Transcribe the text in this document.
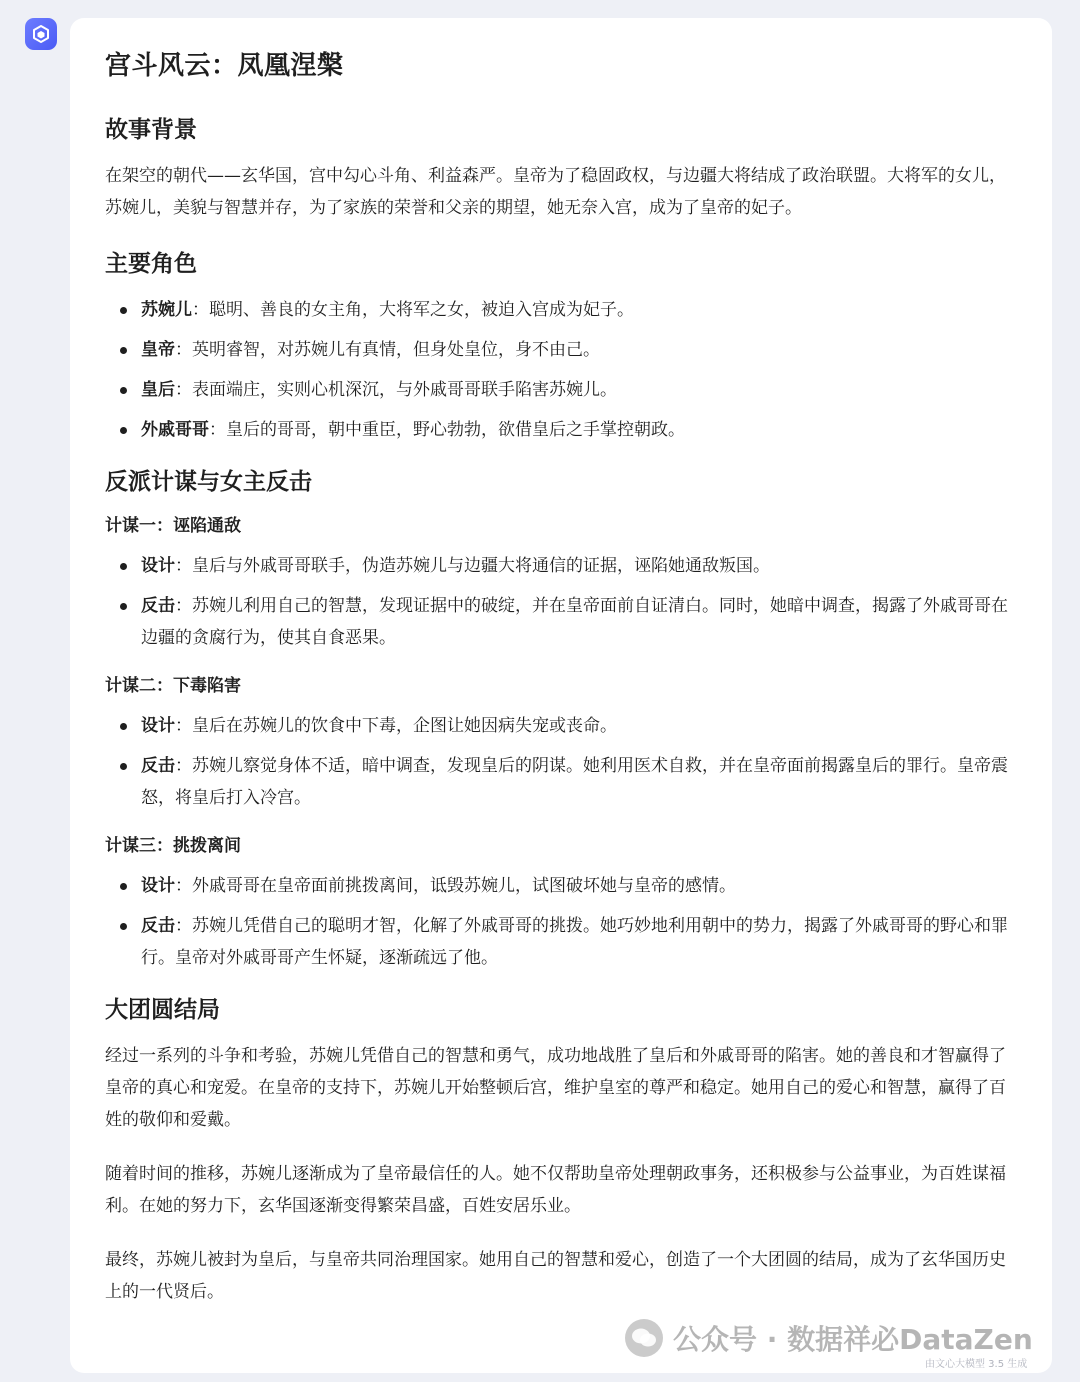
宫斗风云：凤凰涅槃
故事背景

在架空的朝代——玄华国，宫中勾心斗角、利益森严。皇帝为了稳固政权，与边疆大将结成了政治联盟。大将军的女儿，苏婉儿，美貌与智慧并存，为了家族的荣誉和父亲的期望，她无奈入宫，成为了皇帝的妃子。

主要角色
苏婉儿：聪明、善良的女主角，大将军之女，被迫入宫成为妃子。
皇帝：英明睿智，对苏婉儿有真情，但身处皇位，身不由己。
皇后：表面端庄，实则心机深沉，与外戚哥哥联手陷害苏婉儿。
外戚哥哥：皇后的哥哥，朝中重臣，野心勃勃，欲借皇后之手掌控朝政。
反派计谋与女主反击
计谋一：诬陷通敌
设计：皇后与外戚哥哥联手，伪造苏婉儿与边疆大将通信的证据，诬陷她通敌叛国。
反击：苏婉儿利用自己的智慧，发现证据中的破绽，并在皇帝面前自证清白。同时，她暗中调查，揭露了外戚哥哥在边疆的贪腐行为，使其自食恶果。
计谋二：下毒陷害
设计：皇后在苏婉儿的饮食中下毒，企图让她因病失宠或丧命。
反击：苏婉儿察觉身体不适，暗中调查，发现皇后的阴谋。她利用医术自救，并在皇帝面前揭露皇后的罪行。皇帝震怒，将皇后打入冷宫。
计谋三：挑拨离间
设计：外戚哥哥在皇帝面前挑拨离间，诋毁苏婉儿，试图破坏她与皇帝的感情。
反击：苏婉儿凭借自己的聪明才智，化解了外戚哥哥的挑拨。她巧妙地利用朝中的势力，揭露了外戚哥哥的野心和罪行。皇帝对外戚哥哥产生怀疑，逐渐疏远了他。
大团圆结局

经过一系列的斗争和考验，苏婉儿凭借自己的智慧和勇气，成功地战胜了皇后和外戚哥哥的陷害。她的善良和才智赢得了皇帝的真心和宠爱。在皇帝的支持下，苏婉儿开始整顿后宫，维护皇室的尊严和稳定。她用自己的爱心和智慧，赢得了百姓的敬仰和爱戴。

随着时间的推移，苏婉儿逐渐成为了皇帝最信任的人。她不仅帮助皇帝处理朝政事务，还积极参与公益事业，为百姓谋福利。在她的努力下，玄华国逐渐变得繁荣昌盛，百姓安居乐业。

最终，苏婉儿被封为皇后，与皇帝共同治理国家。她用自己的智慧和爱心，创造了一个大团圆的结局，成为了玄华国历史上的一代贤后。

公众号 · 数据祥必DataZen
由文心大模型 3.5 生成
